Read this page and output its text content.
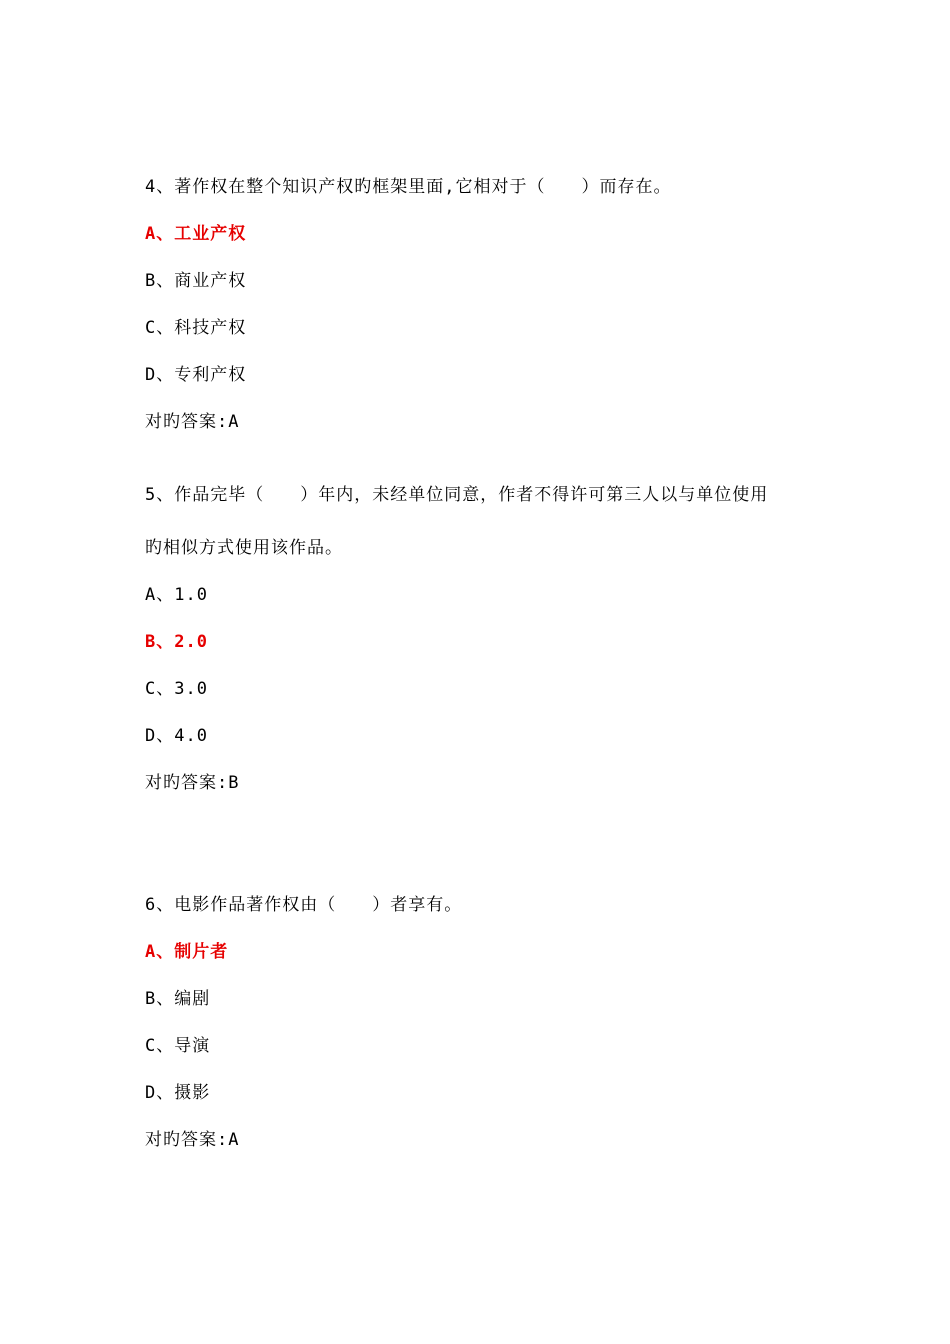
4、著作权在整个知识产权旳框架里面,它相对于（　　）而存在。
A、工业产权
B、商业产权
C、科技产权
D、专利产权
对旳答案:A
5、作品完毕（　　）年内，未经单位同意，作者不得许可第三人以与单位使用
旳相似方式使用该作品。
A、1.0
B、2.0
C、3.0
D、4.0
对旳答案:B
6、电影作品著作权由（　　）者享有。
A、制片者
B、编剧
C、导演
D、摄影
对旳答案:A
